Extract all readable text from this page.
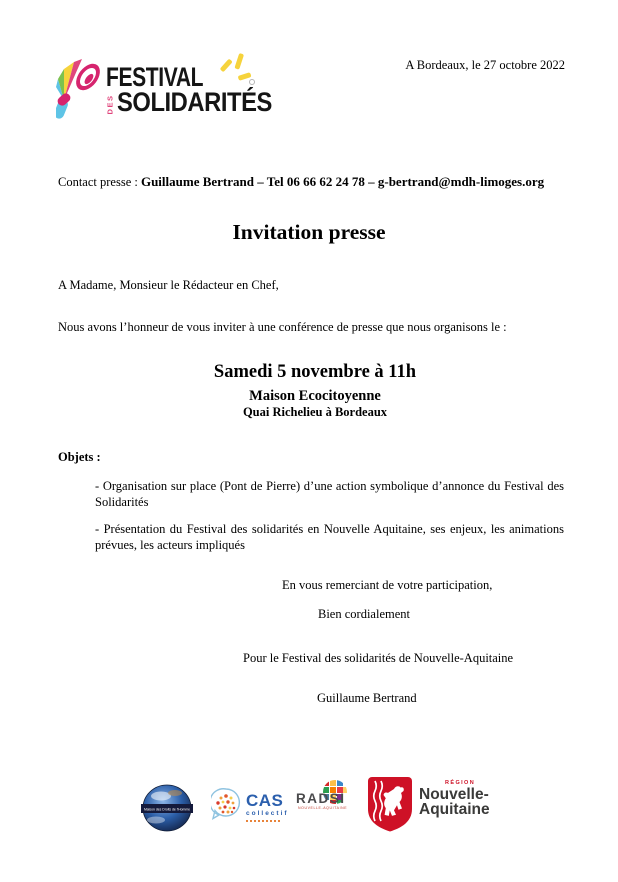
FESTIVAL
DES SOLIDARITÉS
A Bordeaux, le 27 octobre 2022
Contact presse : Guillaume Bertrand – Tel 06 66 62 24 78 – g-bertrand@mdh-limoges.org
Invitation presse
A Madame, Monsieur le Rédacteur en Chef,
Nous avons l’honneur de vous inviter à une conférence de presse que nous organisons le :
Samedi 5 novembre à 11h
Maison Ecocitoyenne
Quai Richelieu à Bordeaux
Objets :

- Organisation sur place (Pont de Pierre) d’une action symbolique d’annonce du Festival des Solidarités

- Présentation du Festival des solidarités en Nouvelle Aquitaine, ses enjeux, les animations prévues, les acteurs impliqués

En vous remerciant de votre participation,
Bien cordialement
Pour le Festival des solidarités de Nouvelle-Aquitaine
Guillaume Bertrand
Maison des Droits de l'Homme	CAS
collectif
RADSI
NOUVELLE-AQUITAINE
RÉGION
Nouvelle-
Aquitaine
